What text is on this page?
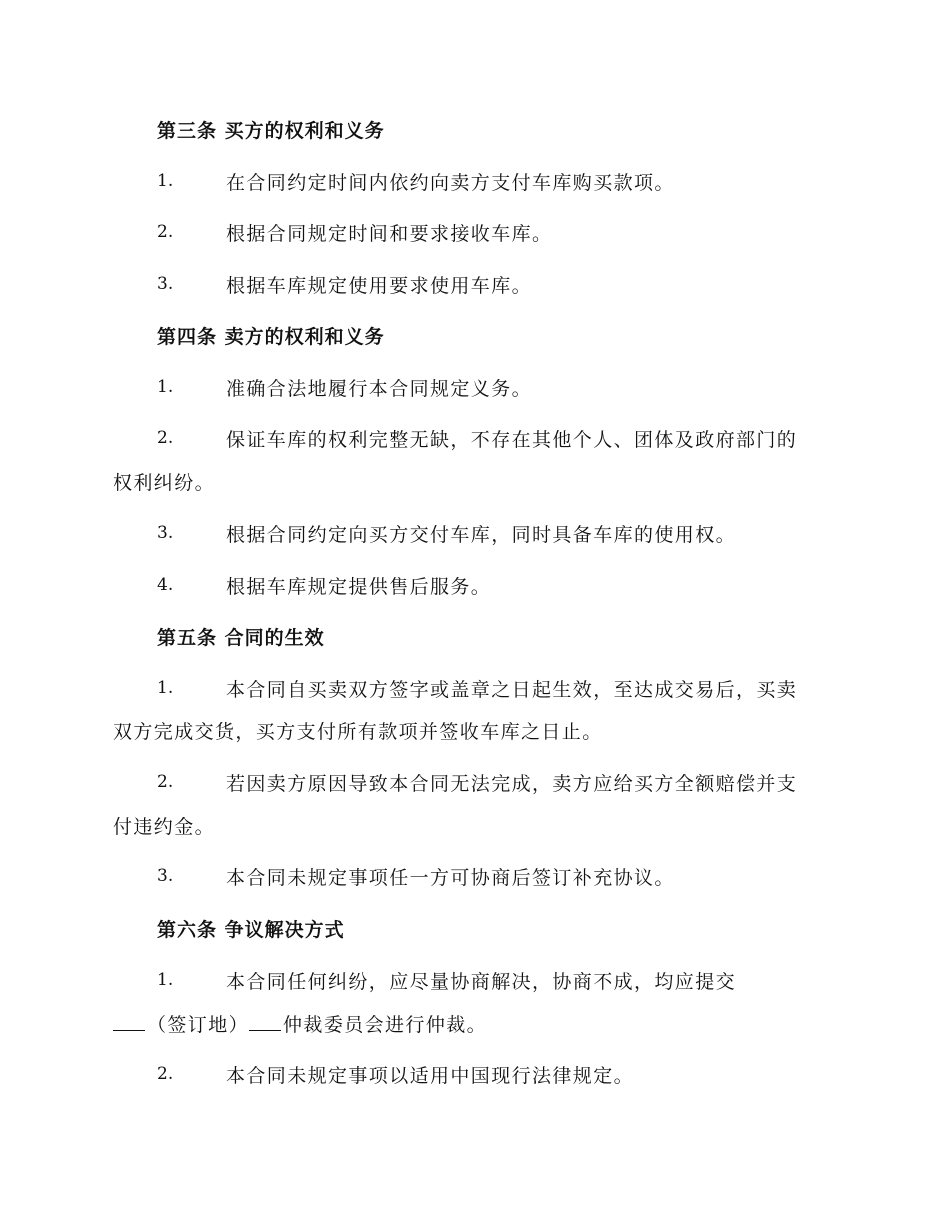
第三条 买方的权利和义务
1.	在合同约定时间内依约向卖方支付车库购买款项。
2.	根据合同规定时间和要求接收车库。
3.	根据车库规定使用要求使用车库。
第四条 卖方的权利和义务
1.	准确合法地履行本合同规定义务。
2.	保证车库的权利完整无缺，不存在其他个人、团体及政府部门的
权利纠纷。
3.	根据合同约定向买方交付车库，同时具备车库的使用权。
4.	根据车库规定提供售后服务。
第五条 合同的生效
1.	本合同自买卖双方签字或盖章之日起生效，至达成交易后，买卖
双方完成交货，买方支付所有款项并签收车库之日止。
2.	若因卖方原因导致本合同无法完成，卖方应给买方全额赔偿并支
付违约金。
3.	本合同未规定事项任一方可协商后签订补充协议。
第六条 争议解决方式
1.	本合同任何纠纷，应尽量协商解决，协商不成，均应提交
（签订地） 仲裁委员会进行仲裁。
2.	本合同未规定事项以适用中国现行法律规定。
